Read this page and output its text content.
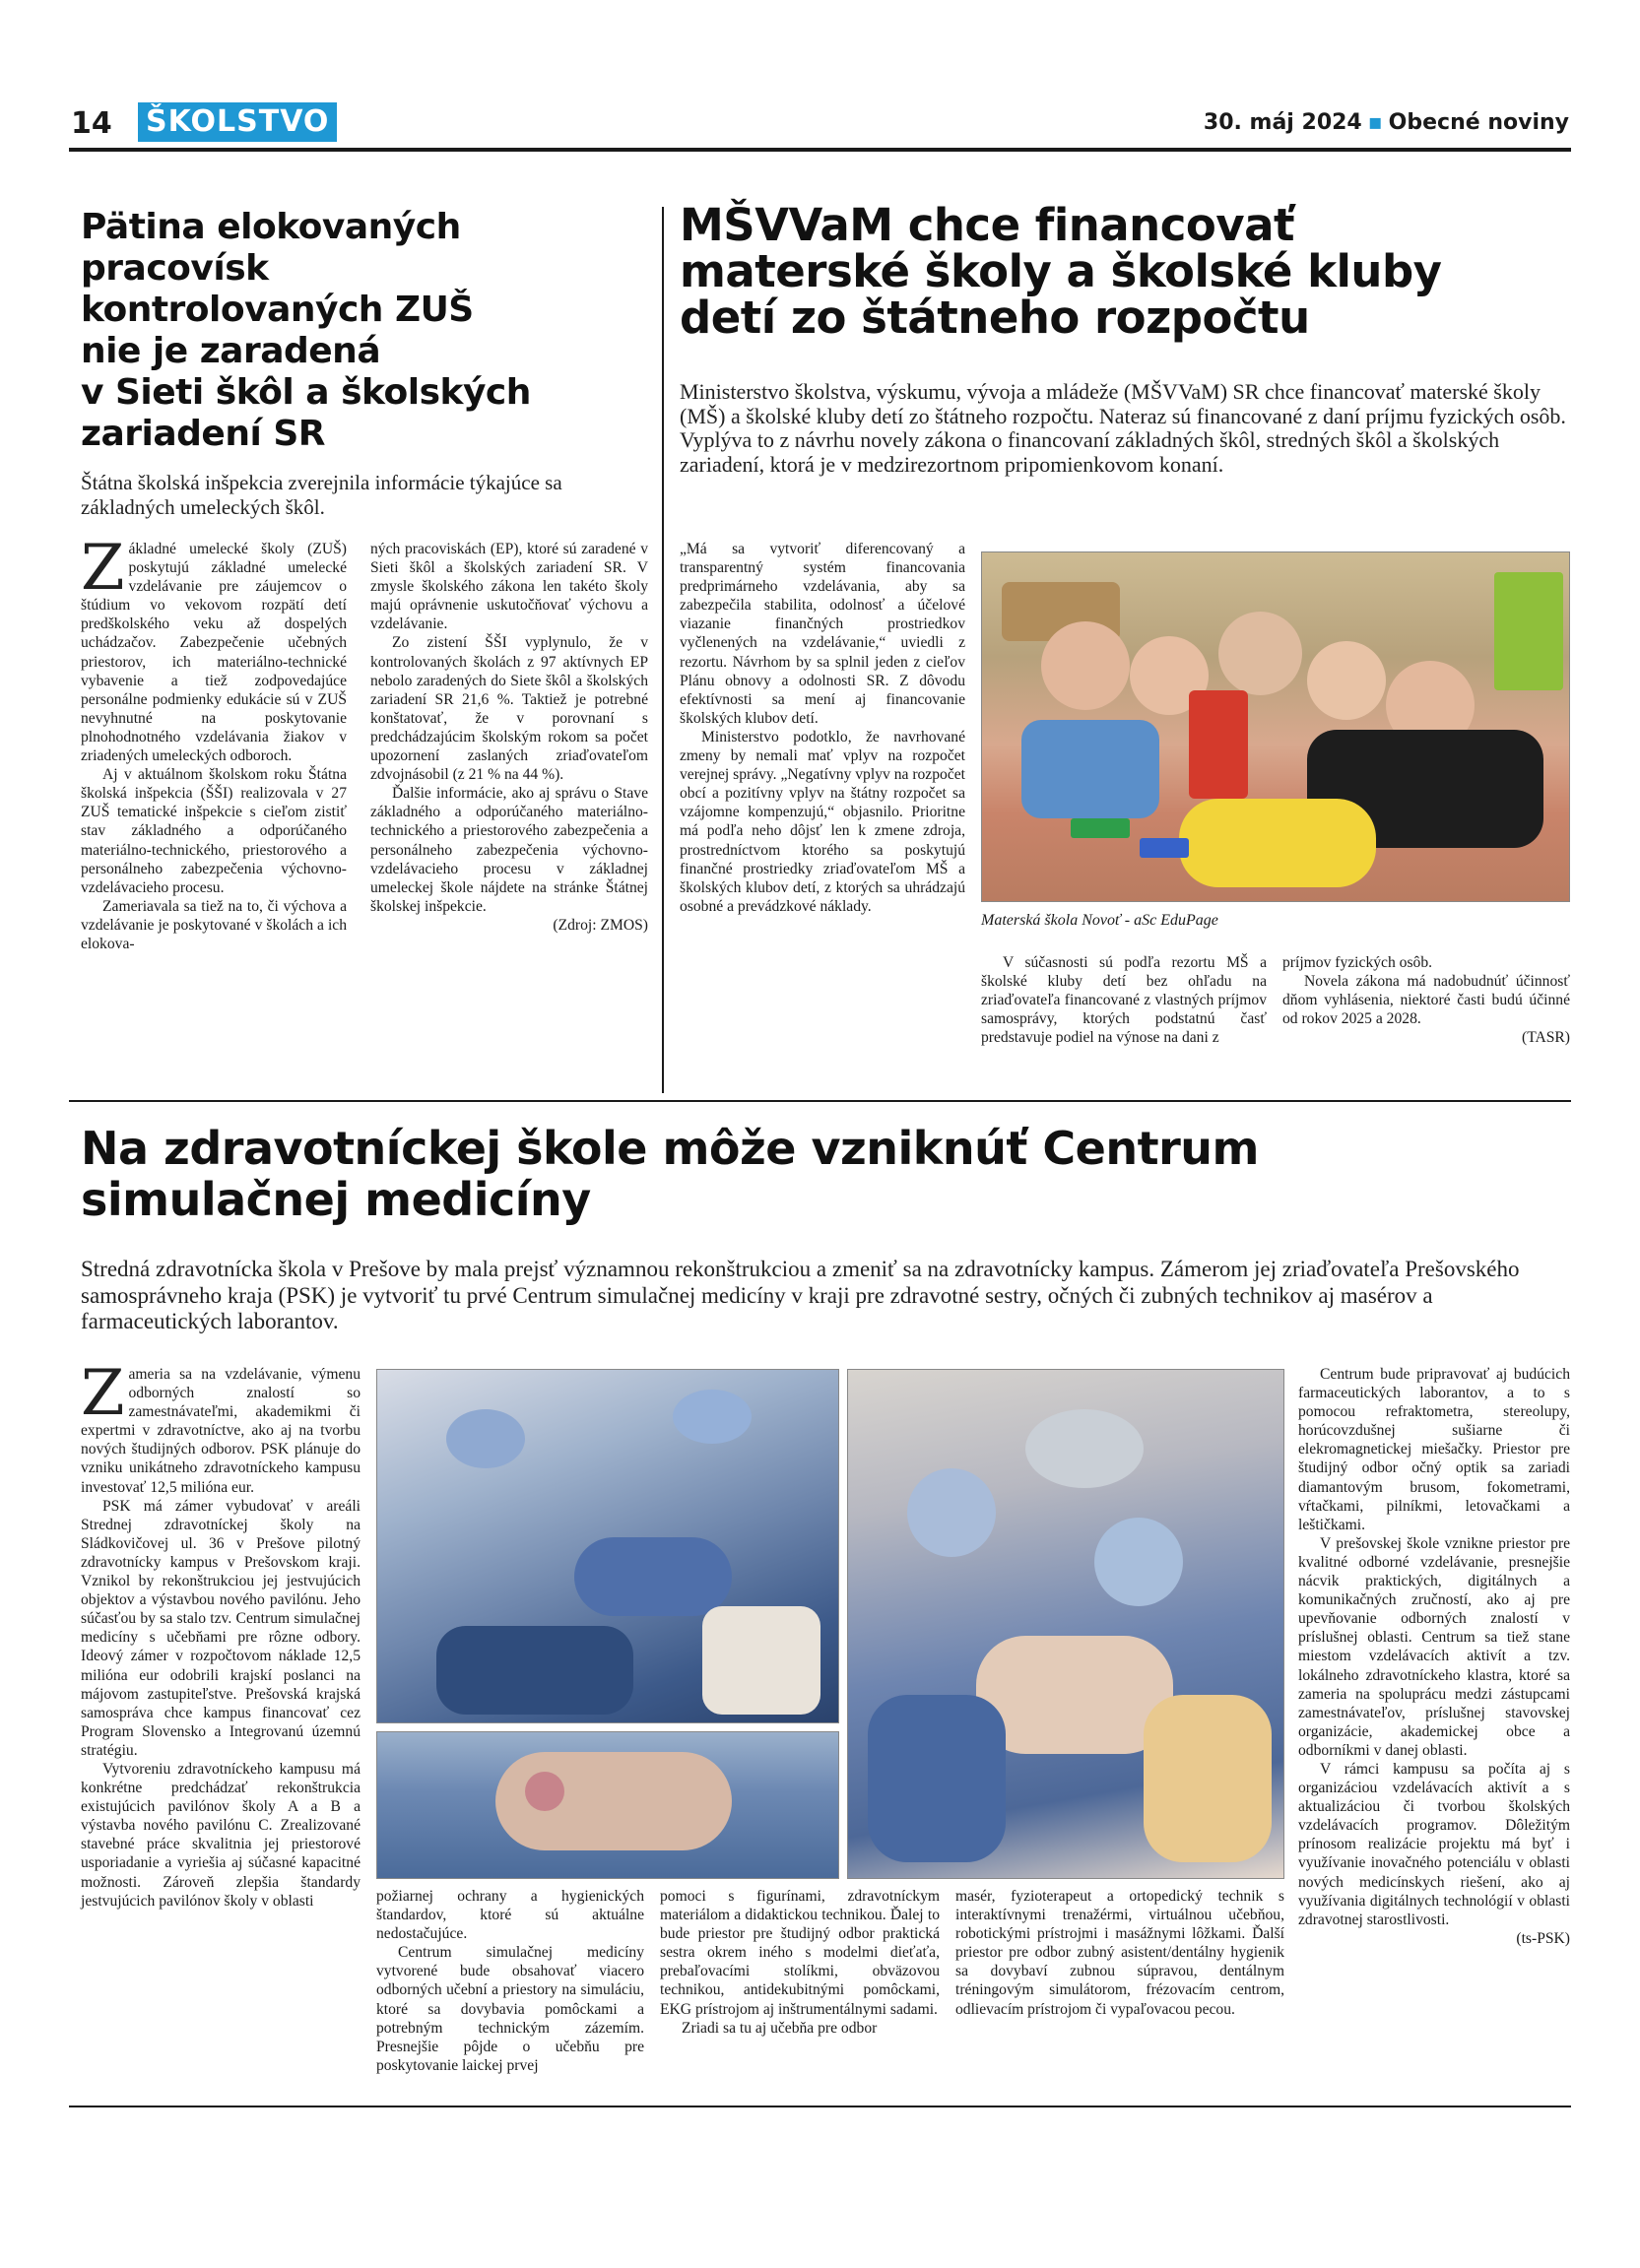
14 ŠKOLSTVO	30. máj 2024 ▪ Obecné noviny
Pätina elokovaných
pracovísk
kontrolovaných ZUŠ
nie je zaradená
v Sieti škôl a školských
zariadení SR
Štátna školská inšpekcia zverejnila informácie týkajúce sa základných umeleckých škôl.

Základné umelecké školy (ZUŠ) poskytujú základné umelecké vzdelávanie pre záujemcov o štúdium vo vekovom rozpätí detí predškolského veku až dospelých uchádzačov. Zabezpečenie učebných priestorov, ich materiálno-technické vybavenie a tiež zodpovedajúce personálne podmienky edukácie sú v ZUŠ nevyhnutné na poskytovanie plnohodnotného vzdelávania žiakov v zriadených umeleckých odboroch.

Aj v aktuálnom školskom roku Štátna školská inšpekcia (ŠŠI) realizovala v 27 ZUŠ tematické inšpekcie s cieľom zistiť stav základného a odporúčaného materiálno-technického, priestorového a personálneho zabezpečenia výchovno-vzdelávacieho procesu.

Zameriavala sa tiež na to, či výchova a vzdelávanie je poskytované v školách a ich elokova-

ných pracoviskách (EP), ktoré sú zaradené v Sieti škôl a školských zariadení SR. V zmysle školského zákona len takéto školy majú oprávnenie uskutočňovať výchovu a vzdelávanie.

Zo zistení ŠŠI vyplynulo, že v kontrolovaných školách z 97 aktívnych EP nebolo zaradených do Siete škôl a školských zariadení SR 21,6 %. Taktiež je potrebné konštatovať, že v porovnaní s predchádzajúcim školským rokom sa počet upozornení zaslaných zriaďovateľom zdvojnásobil (z 21 % na 44 %).

Ďalšie informácie, ako aj správu o Stave základného a odporúčaného materiálno-technického a priestorového zabezpečenia a personálneho zabezpečenia výchovno-vzdelávacieho procesu v základnej umeleckej škole nájdete na stránke Štátnej školskej inšpekcie.

(Zdroj: ZMOS)

MŠVVaM chce financovať
materské školy a školské kluby
detí zo štátneho rozpočtu
Ministerstvo školstva, výskumu, vývoja a mládeže (MŠVVaM) SR chce financovať materské školy (MŠ) a školské kluby detí zo štátneho rozpočtu. Nateraz sú financované z daní príjmu fyzických osôb. Vyplýva to z návrhu novely zákona o financovaní základných škôl, stredných škôl a školských zariadení, ktorá je v medzirezortnom pripomienkovom konaní.

„Má sa vytvoriť diferencovaný a transparentný systém financovania predprimárneho vzdelávania, aby sa zabezpečila stabilita, odolnosť a účelové viazanie finančných prostriedkov vyčlenených na vzdelávanie,“ uviedli z rezortu. Návrhom by sa splnil jeden z cieľov Plánu obnovy a odolnosti SR. Z dôvodu efektívnosti sa mení aj financovanie školských klubov detí.

Ministerstvo podotklo, že navrhované zmeny by nemali mať vplyv na rozpočet verejnej správy. „Negatívny vplyv na rozpočet obcí a pozitívny vplyv na štátny rozpočet sa vzájomne kompenzujú,“ objasnilo. Prioritne má podľa neho dôjsť len k zmene zdroja, prostredníctvom ktorého sa poskytujú finančné prostriedky zriaďovateľom MŠ a školských klubov detí, z ktorých sa uhrádzajú osobné a prevádzkové náklady.

Materská škola Novoť - aSc EduPage

V súčasnosti sú podľa rezortu MŠ a školské kluby detí bez ohľadu na zriaďovateľa financované z vlastných príjmov samosprávy, ktorých podstatnú časť predstavuje podiel na výnose na dani z

príjmov fyzických osôb.

Novela zákona má nadobudnúť účinnosť dňom vyhlásenia, niektoré časti budú účinné od rokov 2025 a 2028.

(TASR)

Na zdravotníckej škole môže vzniknúť Centrum
simulačnej medicíny
Stredná zdravotnícka škola v Prešove by mala prejsť významnou rekonštrukciou a zmeniť sa na zdravotnícky kampus. Zámerom jej zriaďovateľa Prešovského samosprávneho kraja (PSK) je vytvoriť tu prvé Centrum simulačnej medicíny v kraji pre zdravotné sestry, očných či zubných technikov aj masérov a farmaceutických laborantov.

Zameria sa na vzdelávanie, výmenu odborných znalostí so zamestnávateľmi, akademikmi či expertmi v zdravotníctve, ako aj na tvorbu nových študijných odborov. PSK plánuje do vzniku unikátneho zdravotníckeho kampusu investovať 12,5 milióna eur.

PSK má zámer vybudovať v areáli Strednej zdravotníckej školy na Sládkovičovej ul. 36 v Prešove pilotný zdravotnícky kampus v Prešovskom kraji. Vznikol by rekonštrukciou jej jestvujúcich objektov a výstavbou nového pavilónu. Jeho súčasťou by sa stalo tzv. Centrum simulačnej medicíny s učebňami pre rôzne odbory. Ideový zámer v rozpočtovom náklade 12,5 milióna eur odobrili krajskí poslanci na májovom zastupiteľstve. Prešovská krajská samospráva chce kampus financovať cez Program Slovensko a Integrovanú územnú stratégiu.

Vytvoreniu zdravotníckeho kampusu má konkrétne predchádzať rekonštrukcia existujúcich pavilónov školy A a B a výstavba nového pavilónu C. Zrealizované stavebné práce skvalitnia jej priestorové usporiadanie a vyriešia aj súčasné kapacitné možnosti. Zároveň zlepšia štandardy jestvujúcich pavilónov školy v oblasti	požiarnej ochrany a hygienických štandardov, ktoré sú aktuálne nedostačujúce.

Centrum simulačnej medicíny vytvorené bude obsahovať viacero odborných učební a priestory na simuláciu, ktoré sa dovybavia pomôckami a potrebným technickým zázemím. Presnejšie pôjde o učebňu pre poskytovanie laickej prvej

pomoci s figurínami, zdravotníckym materiálom a didaktickou technikou. Ďalej to bude priestor pre študijný odbor praktická sestra okrem iného s modelmi dieťaťa, prebaľovacími stolíkmi, obväzovou technikou, antidekubitnými pomôckami, EKG prístrojom aj inštrumentálnymi sadami.

Zriadi sa tu aj učebňa pre odbor

masér, fyzioterapeut a ortopedický technik s interaktívnymi trenažérmi, virtuálnou učebňou, robotickými prístrojmi i masážnymi lôžkami. Ďalší priestor pre odbor zubný asistent/dentálny hygienik sa dovybaví zubnou súpravou, dentálnym tréningovým simulátorom, frézovacím centrom, odlievacím prístrojom či vypaľovacou pecou.

Centrum bude pripravovať aj budúcich farmaceutických laborantov, a to s pomocou refraktometra, stereolupy, horúcovzdušnej sušiarne či elekromagnetickej miešačky. Priestor pre študijný odbor očný optik sa zariadi diamantovým brusom, fokometrami, vŕtačkami, pilníkmi, letovačkami a leštičkami.

V prešovskej škole vznikne priestor pre kvalitné odborné vzdelávanie, presnejšie nácvik praktických, digitálnych a komunikačných zručností, ako aj pre upevňovanie odborných znalostí v príslušnej oblasti. Centrum sa tiež stane miestom vzdelávacích aktivít a tzv. lokálneho zdravotníckeho klastra, ktoré sa zameria na spoluprácu medzi zástupcami zamestnávateľov, príslušnej stavovskej organizácie, akademickej obce a odborníkmi v danej oblasti.

V rámci kampusu sa počíta aj s organizáciou vzdelávacích aktivít a s aktualizáciou či tvorbou školských vzdelávacích programov. Dôležitým prínosom realizácie projektu má byť i využívanie inovačného potenciálu v oblasti nových medicínskych riešení, ako aj využívania digitálnych technológií v oblasti zdravotnej starostlivosti.

(ts-PSK)
